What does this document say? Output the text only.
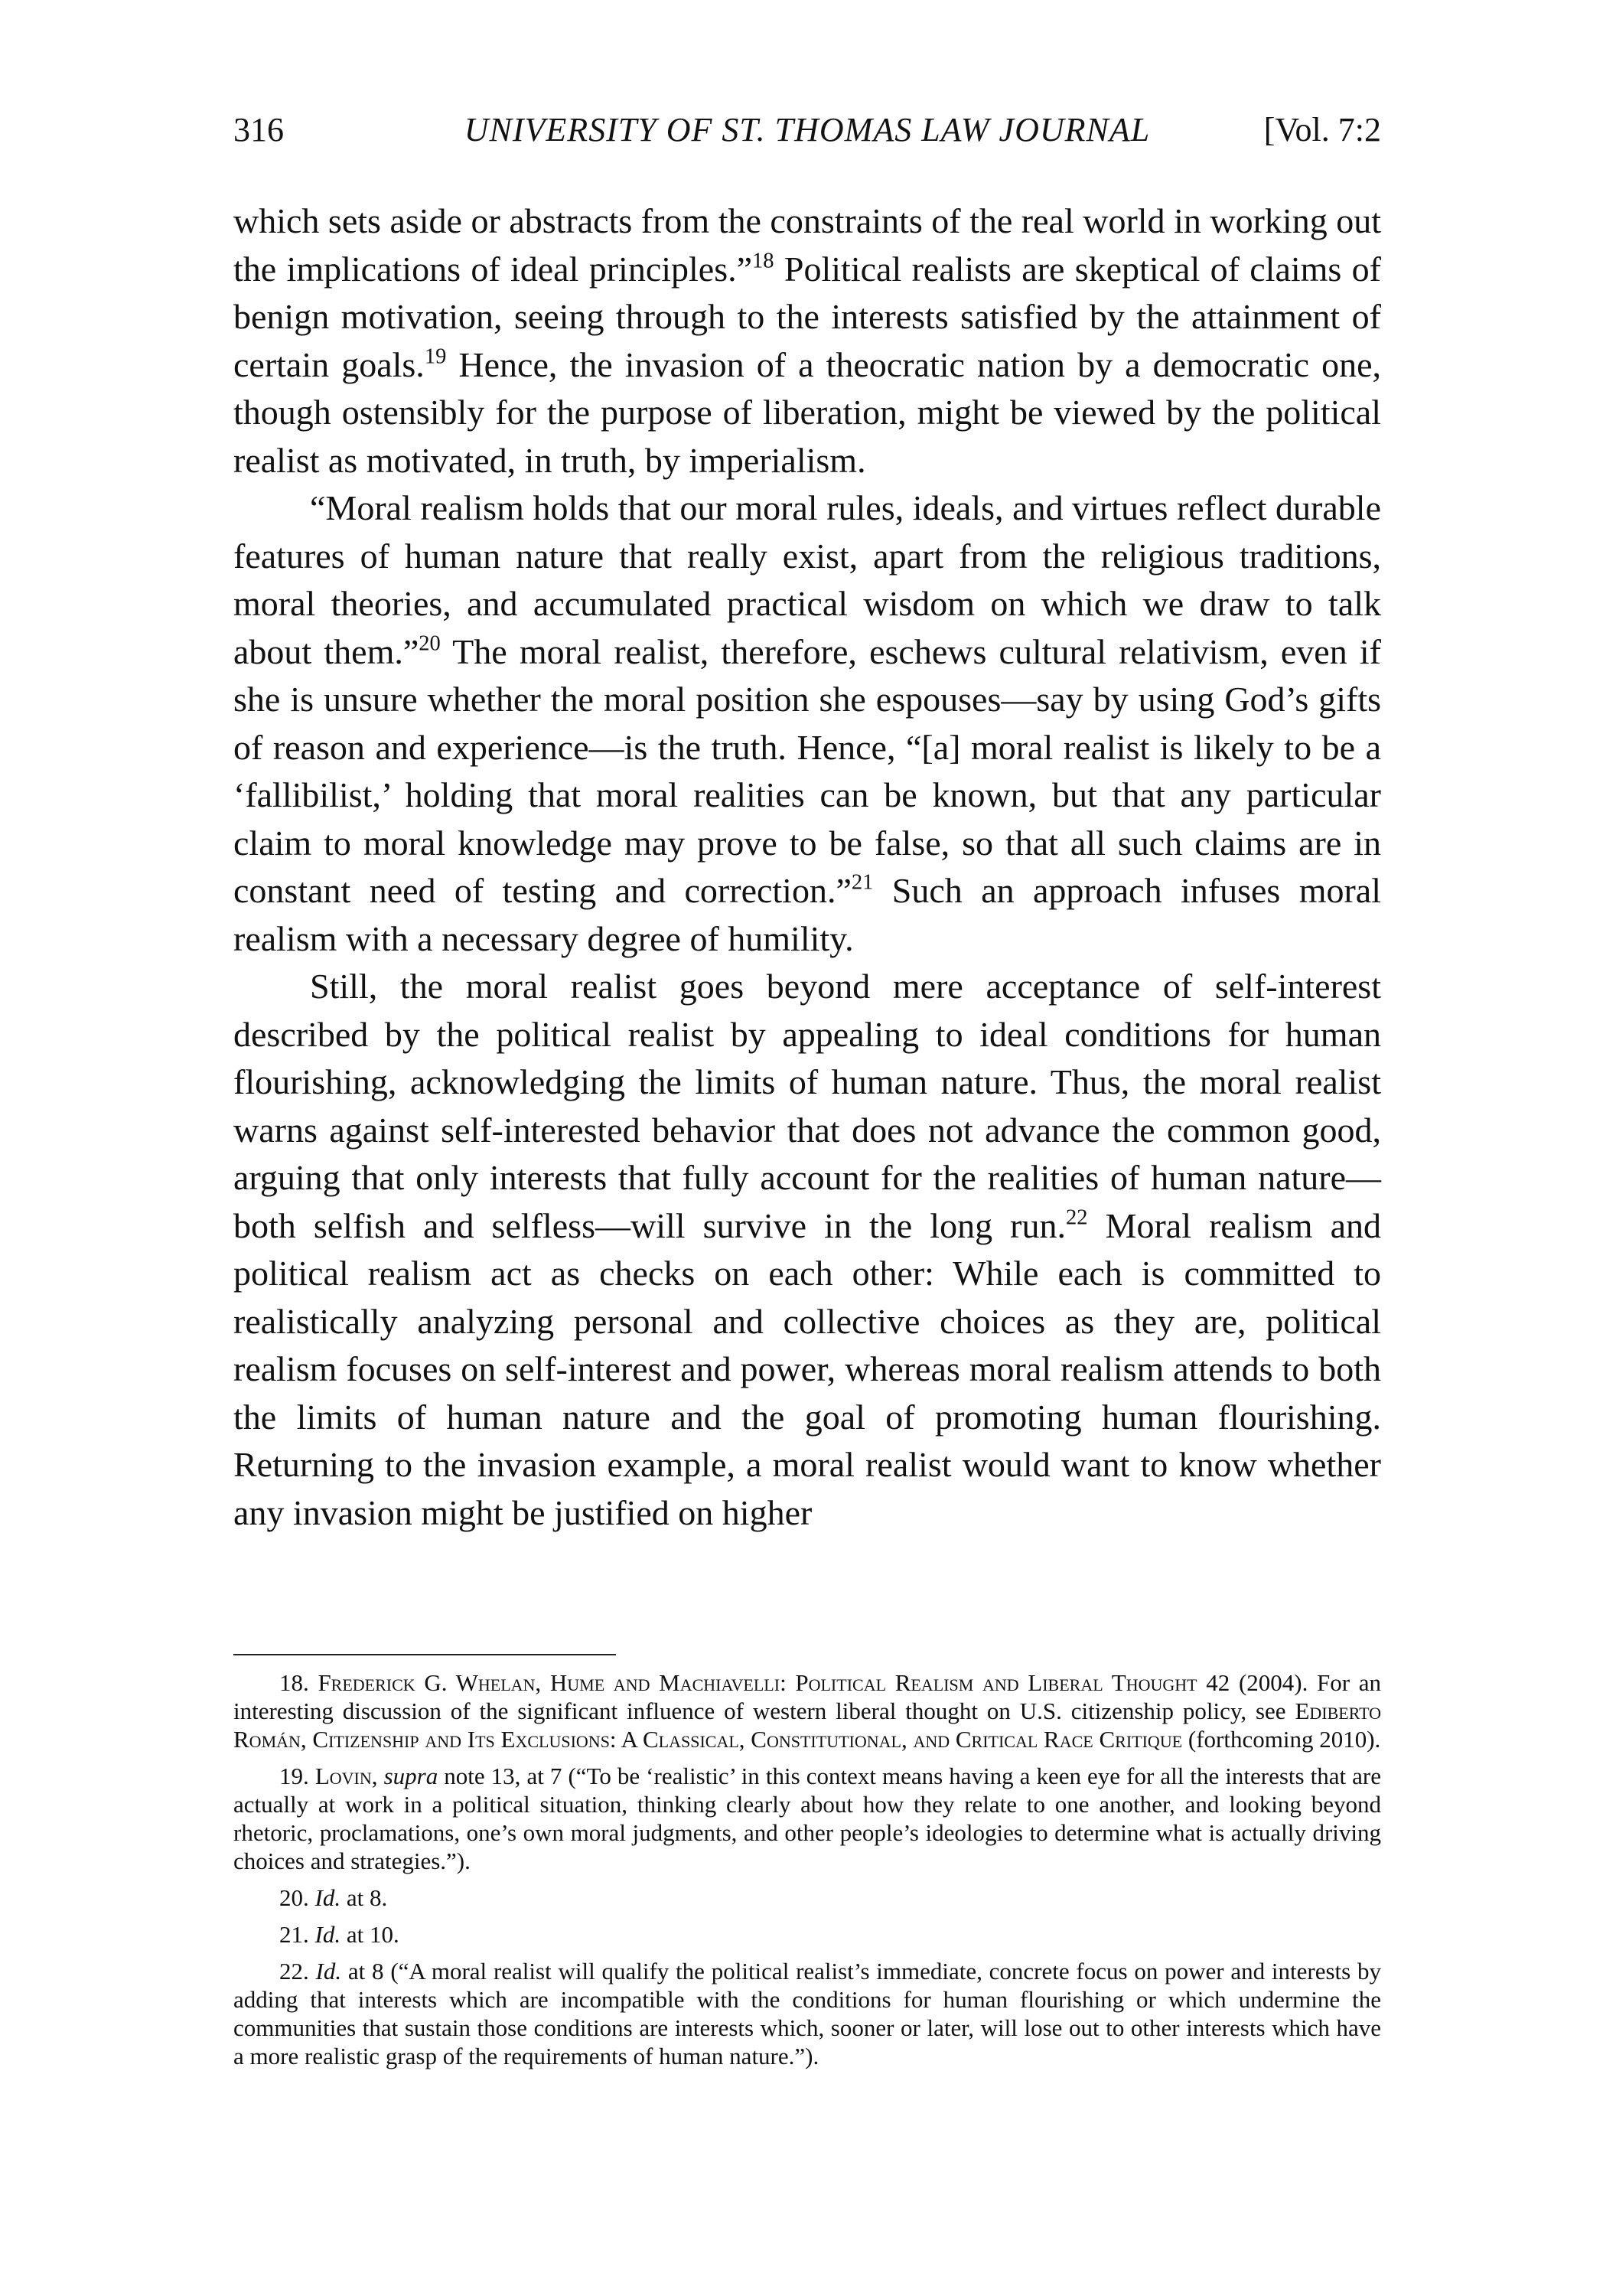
316	UNIVERSITY OF ST. THOMAS LAW JOURNAL	[Vol. 7:2

which sets aside or abstracts from the constraints of the real world in working out the implications of ideal principles.”$^{18}$ Political realists are skeptical of claims of benign motivation, seeing through to the interests satisfied by the attainment of certain goals.$^{19}$ Hence, the invasion of a theocratic nation by a democratic one, though ostensibly for the purpose of liberation, might be viewed by the political realist as motivated, in truth, by imperialism.

“Moral realism holds that our moral rules, ideals, and virtues reflect durable features of human nature that really exist, apart from the religious traditions, moral theories, and accumulated practical wisdom on which we draw to talk about them.”$^{20}$ The moral realist, therefore, eschews cultural relativism, even if she is unsure whether the moral position she espouses—say by using God’s gifts of reason and experience—is the truth. Hence, “[a] moral realist is likely to be a ‘fallibilist,’ holding that moral realities can be known, but that any particular claim to moral knowledge may prove to be false, so that all such claims are in constant need of testing and correction.”$^{21}$ Such an approach infuses moral realism with a necessary degree of humility.

Still, the moral realist goes beyond mere acceptance of self-interest described by the political realist by appealing to ideal conditions for human flourishing, acknowledging the limits of human nature. Thus, the moral realist warns against self-interested behavior that does not advance the common good, arguing that only interests that fully account for the realities of human nature—both selfish and selfless—will survive in the long run.$^{22}$ Moral realism and political realism act as checks on each other: While each is committed to realistically analyzing personal and collective choices as they are, political realism focuses on self-interest and power, whereas moral realism attends to both the limits of human nature and the goal of promoting human flourishing. Returning to the invasion example, a moral realist would want to know whether any invasion might be justified on higher

18. Frederick G. Whelan, Hume and Machiavelli: Political Realism and Liberal Thought 42 (2004). For an interesting discussion of the significant influence of western liberal thought on U.S. citizenship policy, see Ediberto Román, Citizenship and Its Exclusions: A Classical, Constitutional, and Critical Race Critique (forthcoming 2010).

19. Lovin, supra note 13, at 7 (“To be ‘realistic’ in this context means having a keen eye for all the interests that are actually at work in a political situation, thinking clearly about how they relate to one another, and looking beyond rhetoric, proclamations, one’s own moral judgments, and other people’s ideologies to determine what is actually driving choices and strategies.”).

20. Id. at 8.

21. Id. at 10.

22. Id. at 8 (“A moral realist will qualify the political realist’s immediate, concrete focus on power and interests by adding that interests which are incompatible with the conditions for human flourishing or which undermine the communities that sustain those conditions are interests which, sooner or later, will lose out to other interests which have a more realistic grasp of the requirements of human nature.”).
